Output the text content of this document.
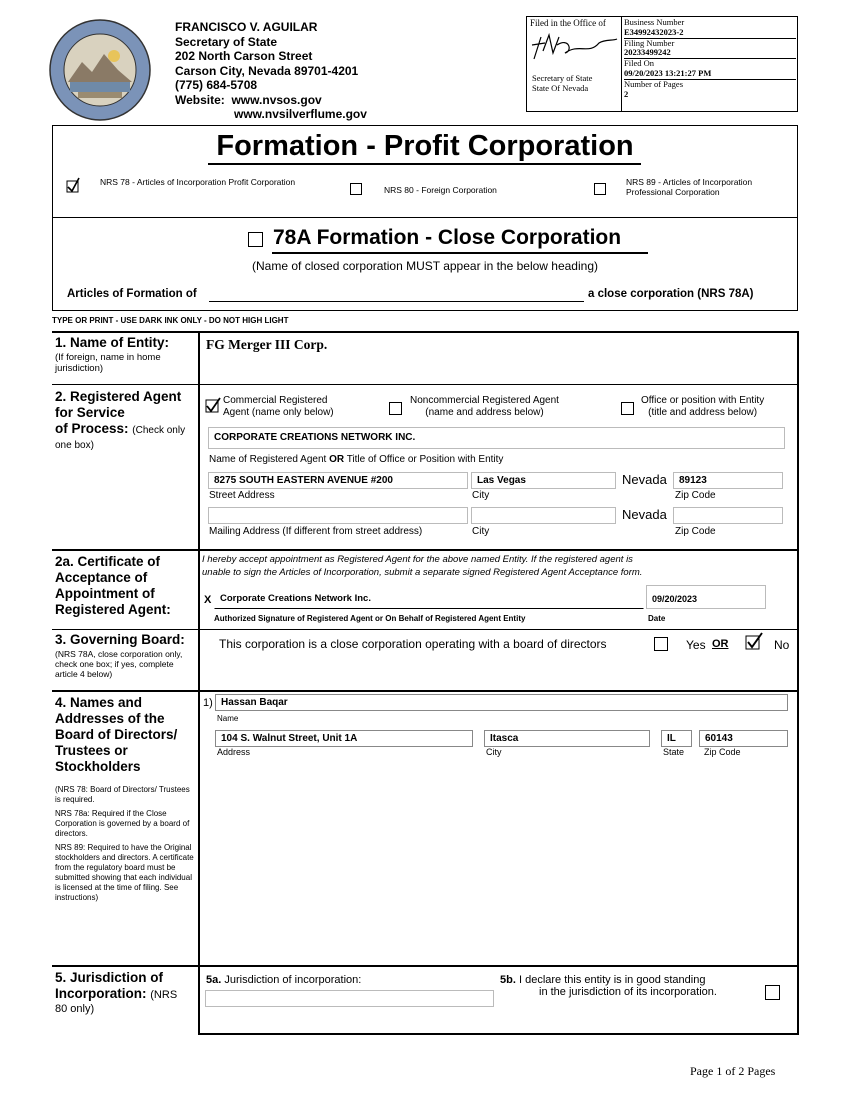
FRANCISCO V. AGUILAR
Secretary of State
202 North Carson Street
Carson City, Nevada 89701-4201
(775) 684-5708
Website: www.nvsos.gov
www.nvsilverflume.gov
Filed in the Office of
Secretary of State
State Of Nevada
Business Number
E34992432023-2
Filing Number
20233499242
Filed On
09/20/2023 13:21:27 PM
Number of Pages
2
Formation - Profit Corporation
NRS 78 - Articles of Incorporation Profit Corporation
NRS 80 - Foreign Corporation
NRS 89 - Articles of Incorporation Professional Corporation
78A Formation - Close Corporation
(Name of closed corporation MUST appear in the below heading)
Articles of Formation of	a close corporation (NRS 78A)
TYPE OR PRINT - USE DARK INK ONLY - DO NOT HIGH LIGHT
1. Name of Entity:
(If foreign, name in home jurisdiction)
FG Merger III Corp.
2. Registered Agent
for Service
of Process: (Check only
one box)
Commercial Registered
Agent (name only below)
Noncommercial Registered Agent
(name and address below)
Office or position with Entity
(title and address below)
CORPORATE CREATIONS NETWORK INC.
Name of Registered Agent OR Title of Office or Position with Entity
8275 SOUTH EASTERN AVENUE #200	Las Vegas	Nevada	89123
Street Address	City	Zip Code
Nevada
Mailing Address (If different from street address)	City	Zip Code
2a. Certificate of
Acceptance of
Appointment of
Registered Agent:
I hereby accept appointment as Registered Agent for the above named Entity. If the registered agent is
unable to sign the Articles of Incorporation, submit a separate signed Registered Agent Acceptance form.
X Corporate Creations Network Inc.	09/20/2023
Authorized Signature of Registered Agent or On Behalf of Registered Agent Entity	Date
3. Governing Board:
(NRS 78A, close corporation only, check one box; if yes, complete article 4 below)
This corporation is a close corporation operating with a board of directors	Yes OR	No
4. Names and
Addresses of the
Board of Directors/
Trustees or
Stockholders
(NRS 78: Board of Directors/ Trustees is required.
NRS 78a: Required if the Close Corporation is governed by a board of directors.
NRS 89: Required to have the Original stockholders and directors. A certificate from the regulatory board must be submitted showing that each individual is licensed at the time of filing. See instructions)
1) Hassan Baqar
Name
104 S. Walnut Street, Unit 1A	Itasca	IL	60143
Address	City	State Zip Code
5. Jurisdiction of
Incorporation: (NRS
80 only)
5a. Jurisdiction of incorporation:	5b. I declare this entity is in good standing
in the jurisdiction of its incorporation.
Page 1 of 2 Pages
